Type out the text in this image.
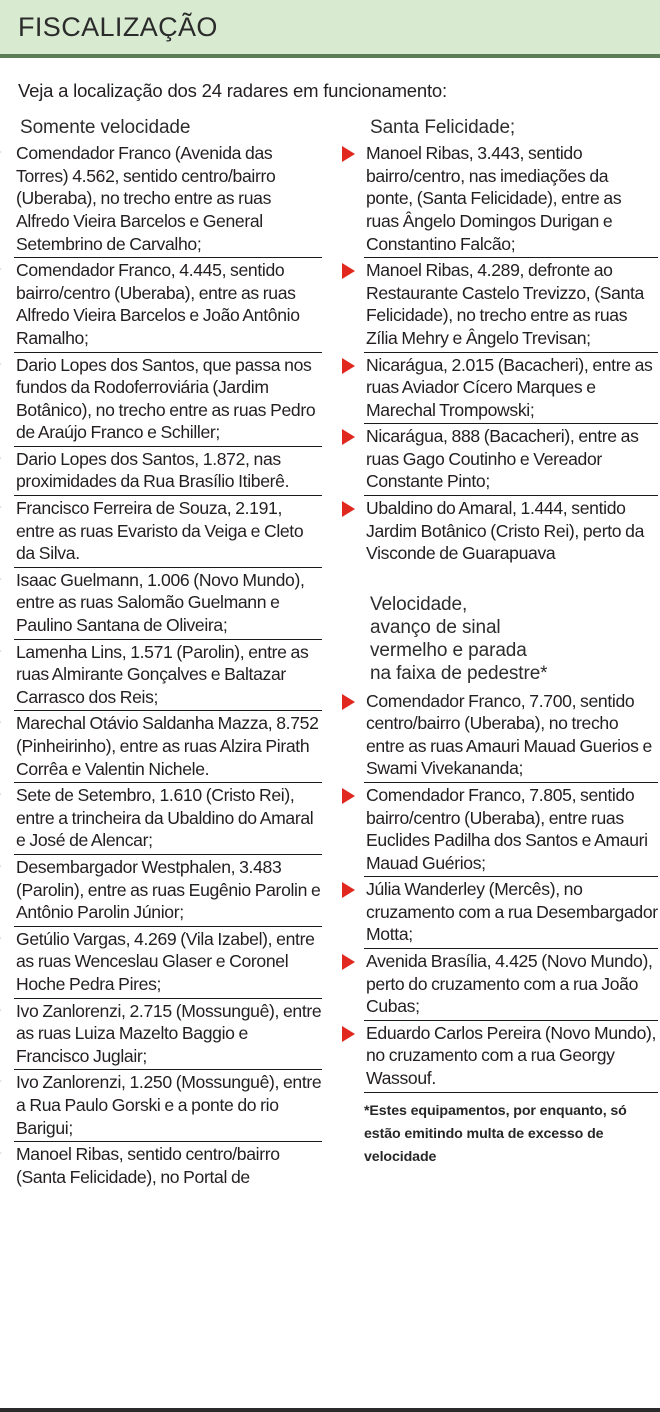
FISCALIZAÇÃO
Veja a localização dos 24 radares em funcionamento:
Somente velocidade
Comendador Franco (Avenida das Torres) 4.562, sentido centro/bairro (Uberaba), no trecho entre as ruas Alfredo Vieira Barcelos e General Setembrino de Carvalho;
Comendador Franco, 4.445, sentido bairro/centro (Uberaba), entre as ruas Alfredo Vieira Barcelos e João Antônio Ramalho;
Dario Lopes dos Santos, que passa nos fundos da Rodoferroviária (Jardim Botânico), no trecho entre as ruas Pedro de Araújo Franco e Schiller;
Dario Lopes dos Santos, 1.872, nas proximidades da Rua Brasílio Itiberê.
Francisco Ferreira de Souza, 2.191, entre as ruas Evaristo da Veiga e Cleto da Silva.
Isaac Guelmann, 1.006 (Novo Mundo), entre as ruas Salomão Guelmann e Paulino Santana de Oliveira;
Lamenha Lins, 1.571 (Parolin), entre as ruas Almirante Gonçalves e Baltazar Carrasco dos Reis;
Marechal Otávio Saldanha Mazza, 8.752 (Pinheirinho), entre as ruas Alzira Pirath Corrêa e Valentin Nichele.
Sete de Setembro, 1.610 (Cristo Rei), entre a trincheira da Ubaldino do Amaral e José de Alencar;
Desembargador Westphalen, 3.483 (Parolin), entre as ruas Eugênio Parolin e Antônio Parolin Júnior;
Getúlio Vargas, 4.269 (Vila Izabel), entre as ruas Wenceslau Glaser e Coronel Hoche Pedra Pires;
Ivo Zanlorenzi, 2.715 (Mossunguê), entre as ruas Luiza Mazelto Baggio e Francisco Juglair;
Ivo Zanlorenzi, 1.250 (Mossunguê), entre a Rua Paulo Gorski e a ponte do rio Barigui;
Manoel Ribas, sentido centro/bairro (Santa Felicidade), no Portal de
Santa Felicidade;
Manoel Ribas, 3.443, sentido bairro/centro, nas imediações da ponte, (Santa Felicidade), entre as ruas Ângelo Domingos Durigan e Constantino Falcão;
Manoel Ribas, 4.289, defronte ao Restaurante Castelo Trevizzo, (Santa Felicidade), no trecho entre as ruas Zília Mehry e Ângelo Trevisan;
Nicarágua, 2.015 (Bacacheri), entre as ruas Aviador Cícero Marques e Marechal Trompowski;
Nicarágua, 888 (Bacacheri), entre as ruas Gago Coutinho e Vereador Constante Pinto;
Ubaldino do Amaral, 1.444, sentido Jardim Botânico (Cristo Rei), perto da Visconde de Guarapuava
Velocidade,
avanço de sinal
vermelho e parada
na faixa de pedestre*
Comendador Franco, 7.700, sentido centro/bairro (Uberaba), no trecho entre as ruas Amauri Mauad Guerios e Swami Vivekananda;
Comendador Franco, 7.805, sentido bairro/centro (Uberaba), entre ruas Euclides Padilha dos Santos e Amauri Mauad Guérios;
Júlia Wanderley (Mercês), no cruzamento com a rua Desembargador Motta;
Avenida Brasília, 4.425 (Novo Mundo), perto do cruzamento com a rua João Cubas;
Eduardo Carlos Pereira (Novo Mundo), no cruzamento com a rua Georgy Wassouf.
*Estes equipamentos, por enquanto, só estão emitindo multa de excesso de velocidade
